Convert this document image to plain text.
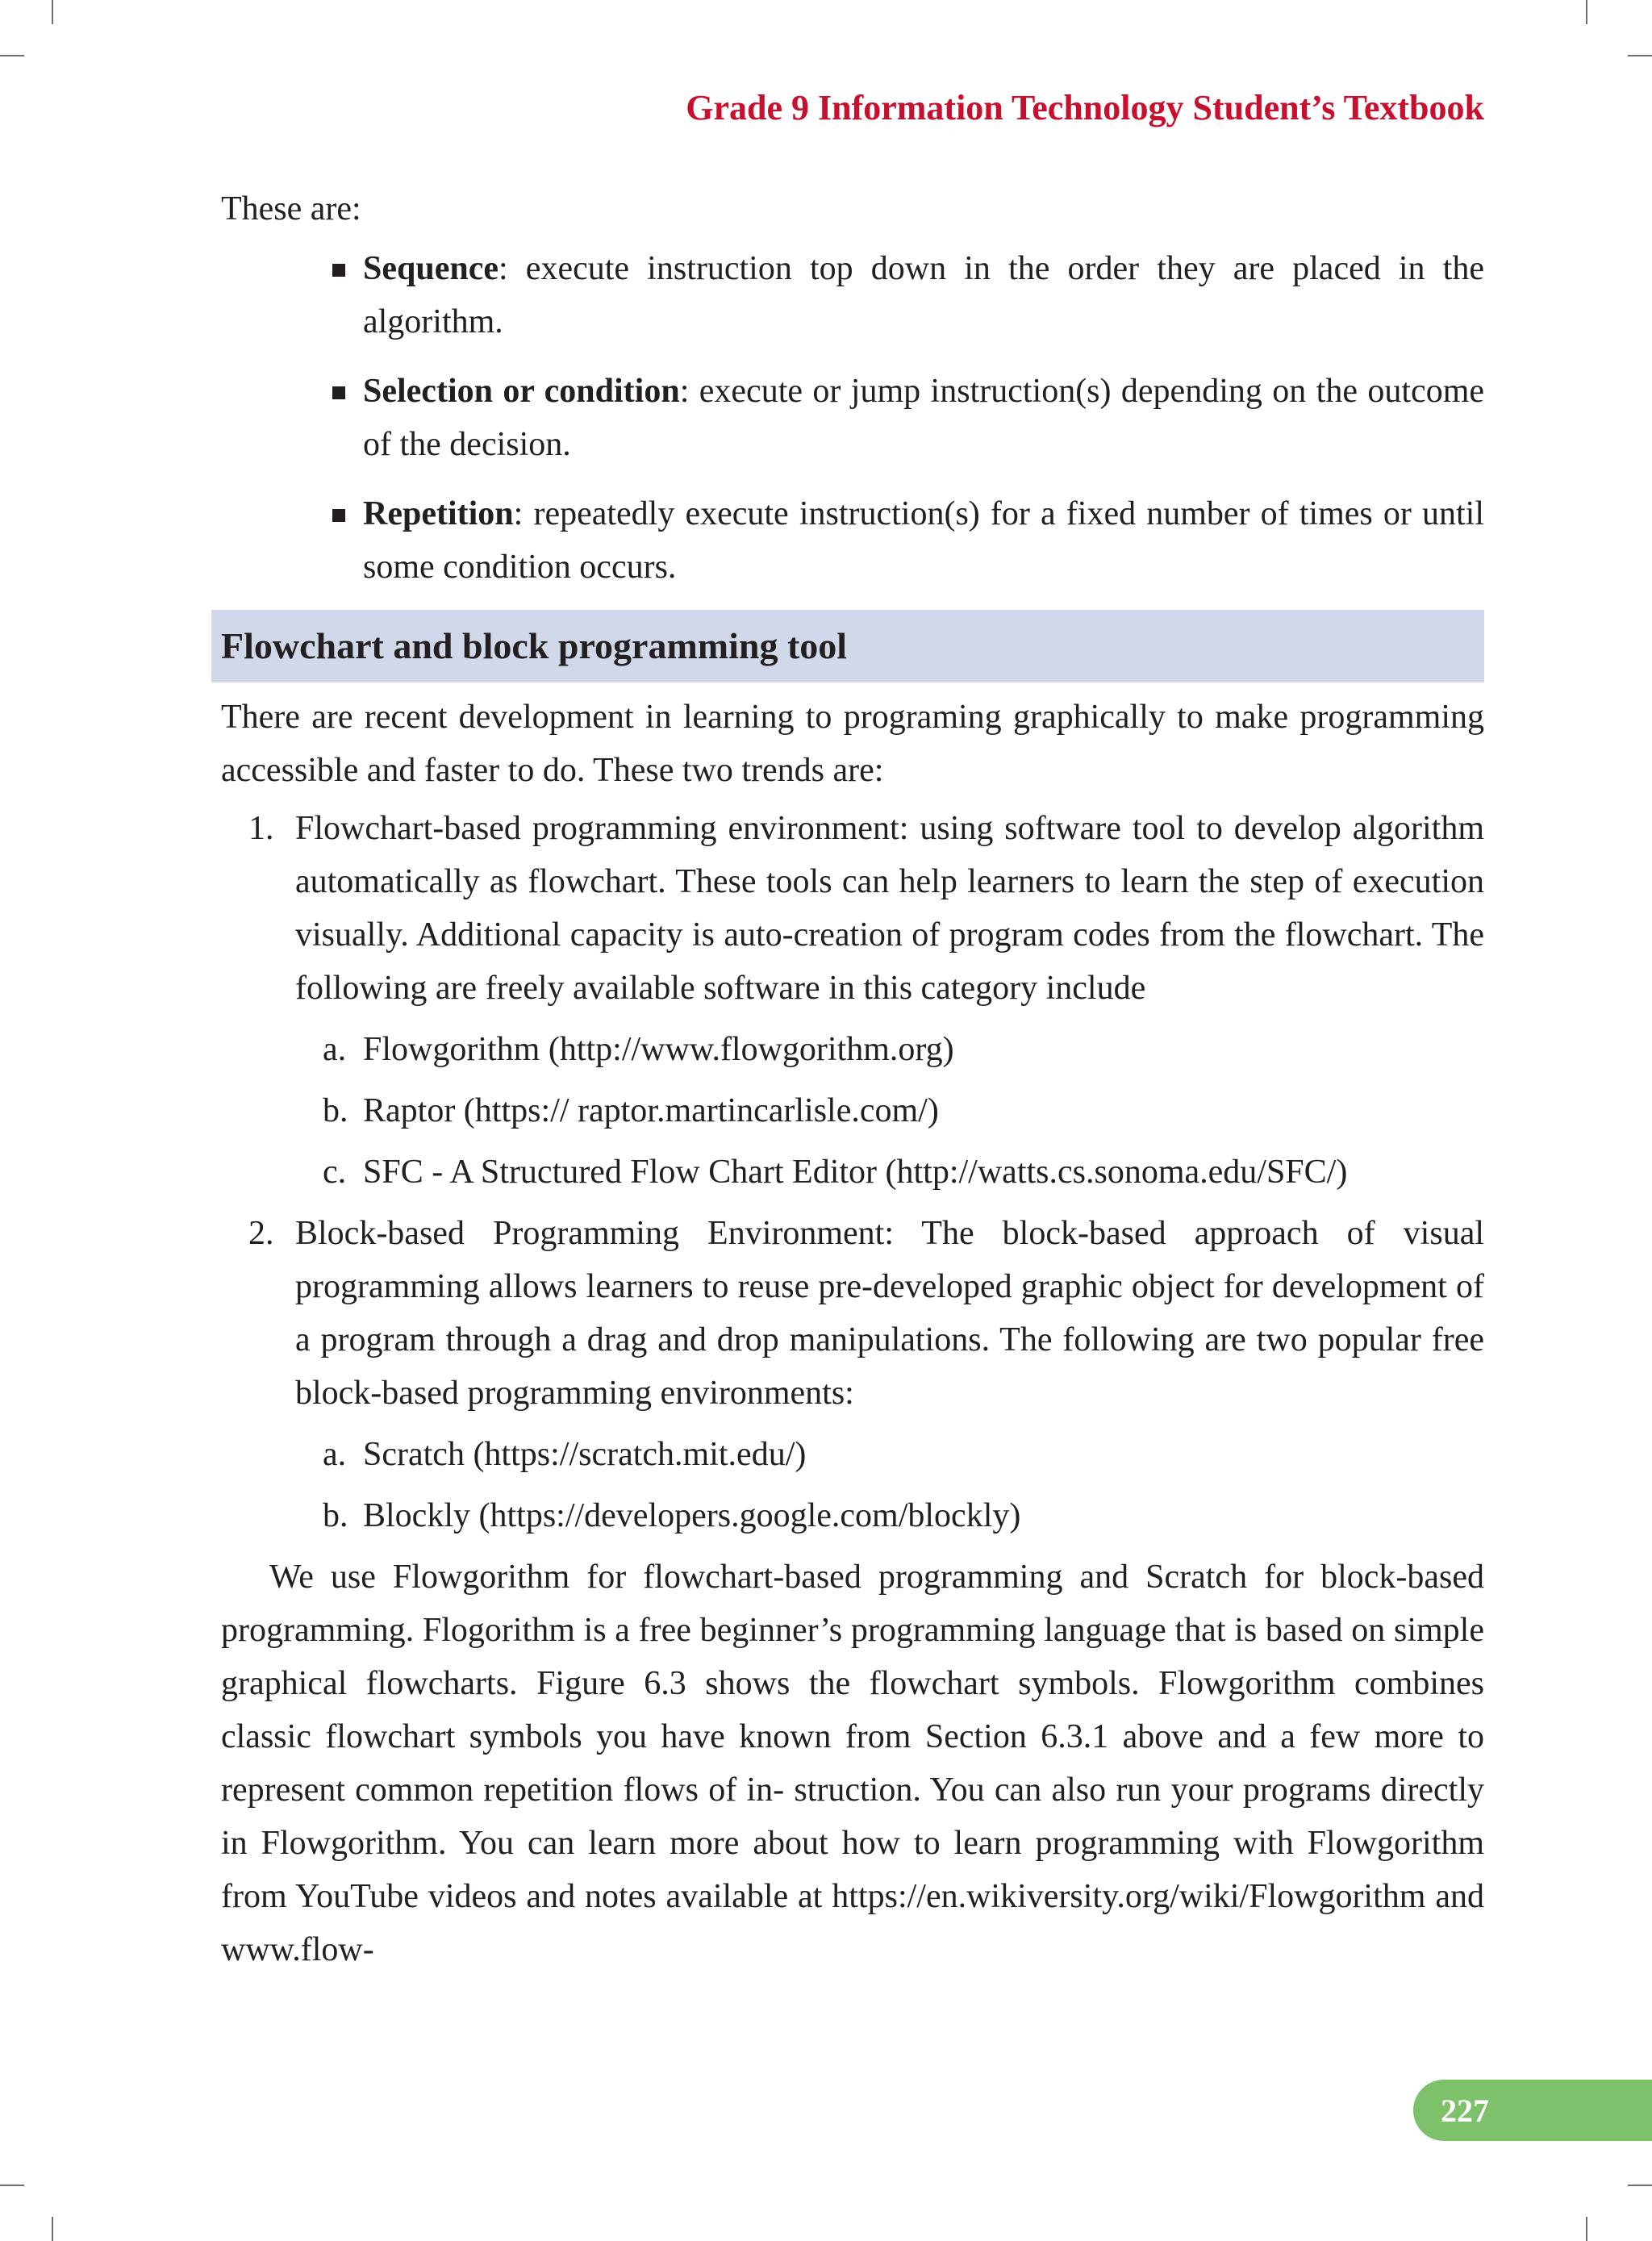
Grade 9 Information Technology Student’s Textbook

These are:

Sequence: execute instruction top down in the order they are placed in the algorithm.
Selection or condition: execute or jump instruction(s) depending on the outcome of the decision.
Repetition: repeatedly execute instruction(s) for a fixed number of times or until some condition occurs.
Flowchart and block programming tool

There are recent development in learning to programing graphically to make programming accessible and faster to do. These two trends are:

1. Flowchart-based programming environment: using software tool to develop algorithm automatically as flowchart. These tools can help learners to learn the step of execution visually. Additional capacity is auto-creation of program codes from the flowchart. The following are freely available software in this category include

a. Flowgorithm (http://www.flowgorithm.org)
b. Raptor (https:// raptor.martincarlisle.com/)
c. SFC - A Structured Flow Chart Editor (http://watts.cs.sonoma.edu/SFC/)
2. Block-based Programming Environment: The block-based approach of visual programming allows learners to reuse pre-developed graphic object for development of a program through a drag and drop manipulations. The following are two popular free block-based programming environments:

a. Scratch (https://scratch.mit.edu/)
b. Blockly (https://developers.google.com/blockly)

We use Flowgorithm for flowchart-based programming and Scratch for block-based programming. Flogorithm is a free beginner’s programming language that is based on simple graphical flowcharts. Figure 6.3 shows the flowchart symbols. Flowgorithm combines classic flowchart symbols you have known from Section 6.3.1 above and a few more to represent common repetition flows of in- struction. You can also run your programs directly in Flowgorithm. You can learn more about how to learn programming with Flowgorithm from YouTube videos and notes available at https://en.wikiversity.org/wiki/Flowgorithm and www.flow-

227
